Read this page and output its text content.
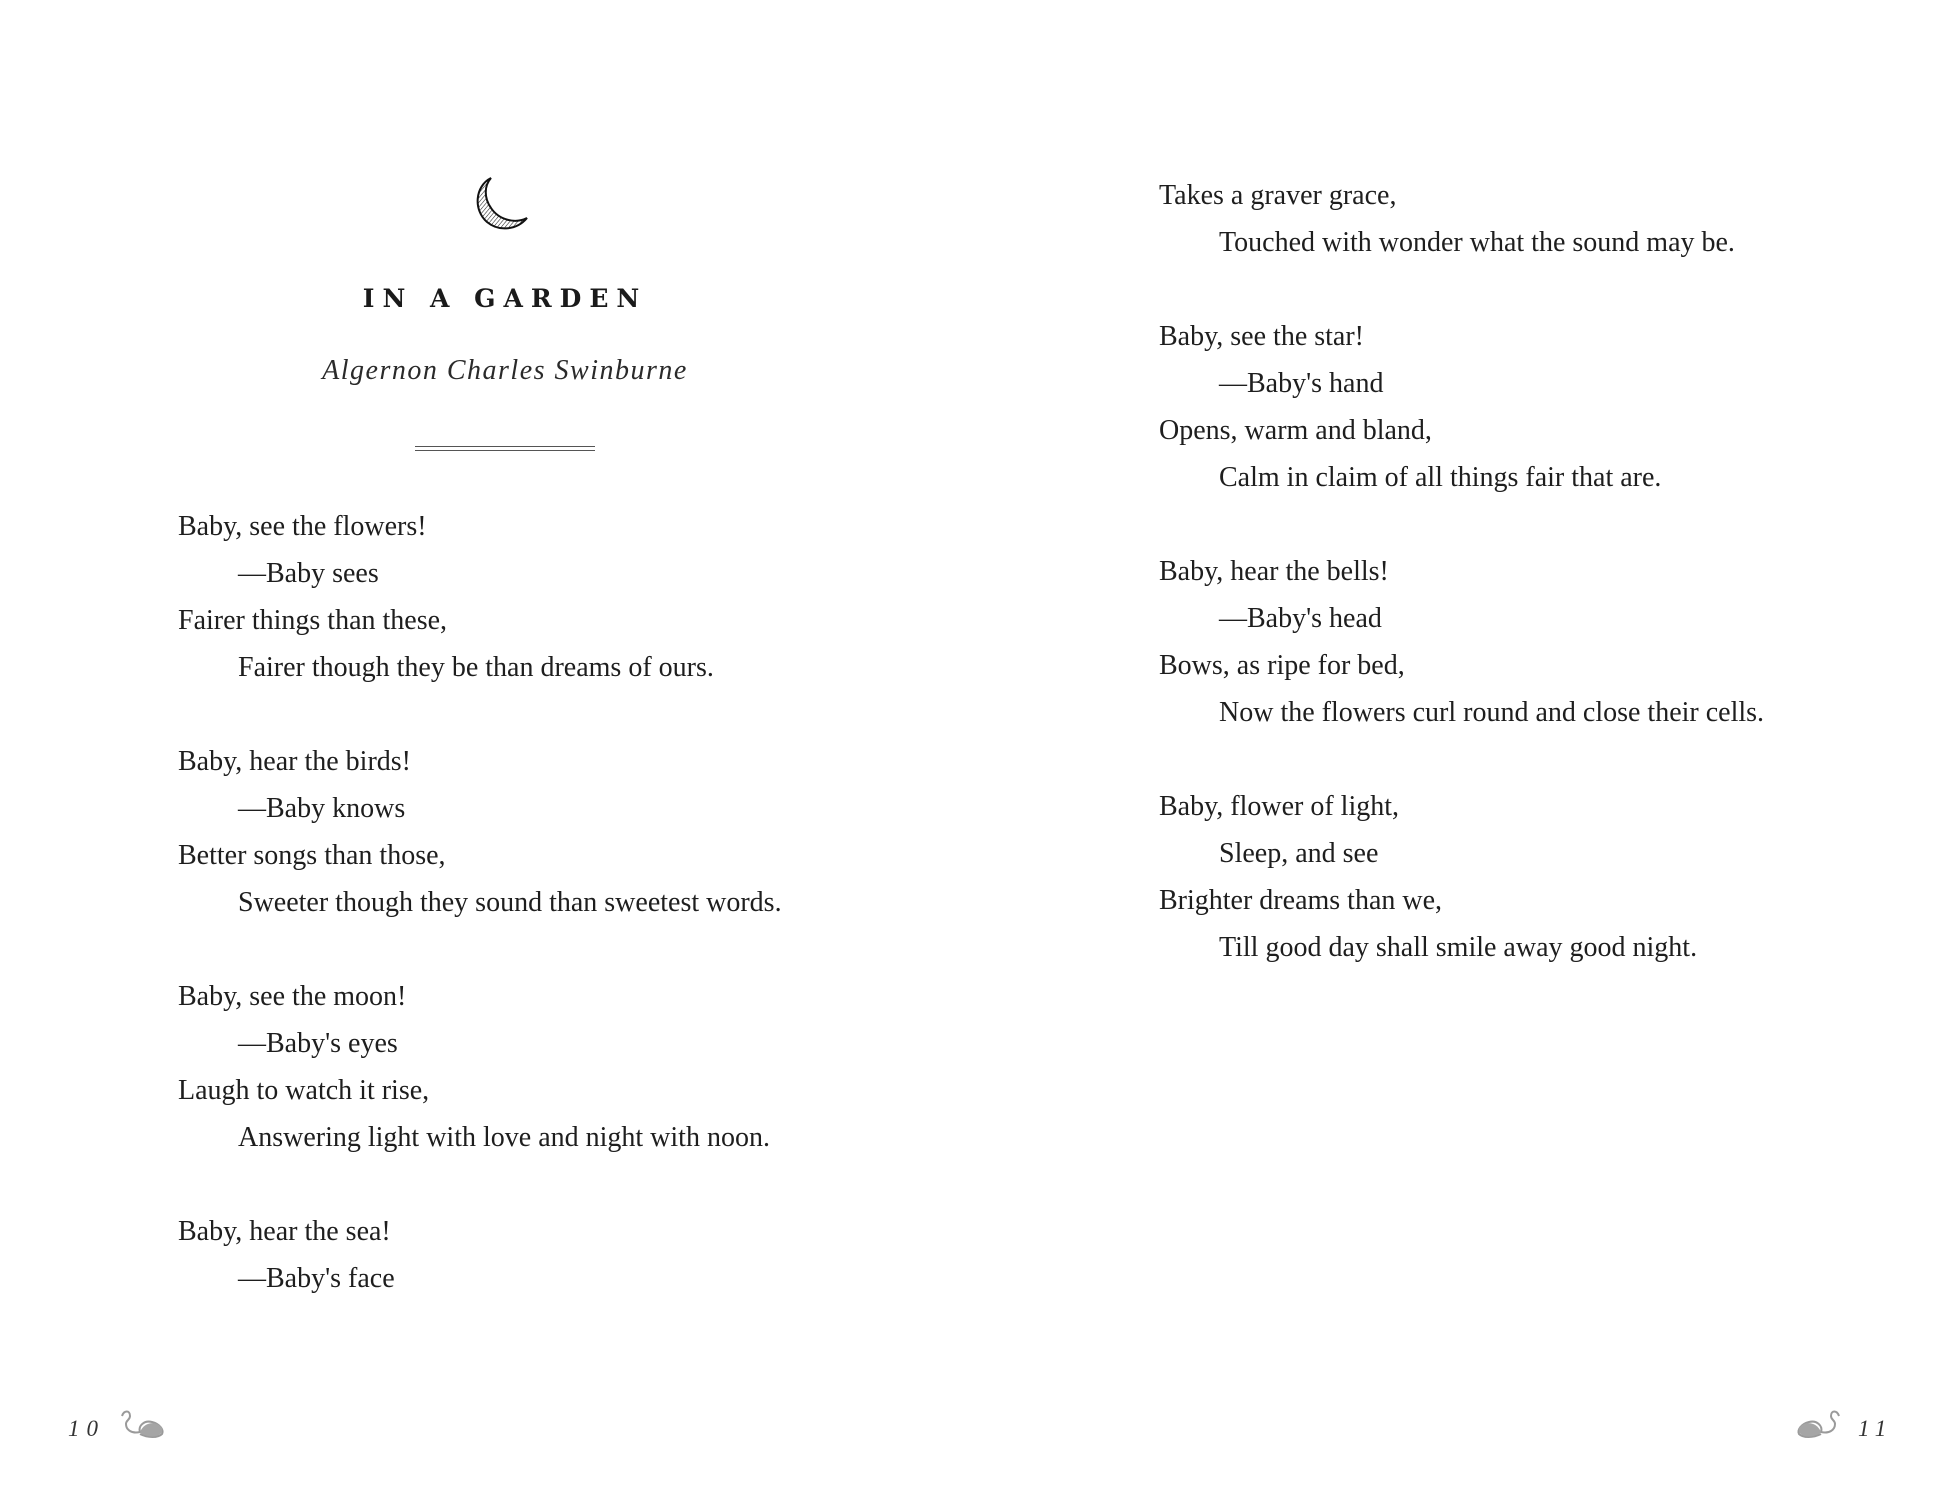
IN A GARDEN
Algernon Charles Swinburne
Baby, see the flowers!
—Baby sees
Fairer things than these,
Fairer though they be than dreams of ours.
Baby, hear the birds!
—Baby knows
Better songs than those,
Sweeter though they sound than sweetest words.
Baby, see the moon!
—Baby's eyes
Laugh to watch it rise,
Answering light with love and night with noon.
Baby, hear the sea!
—Baby's face
Takes a graver grace,
Touched with wonder what the sound may be.
Baby, see the star!
—Baby's hand
Opens, warm and bland,
Calm in claim of all things fair that are.
Baby, hear the bells!
—Baby's head
Bows, as ripe for bed,
Now the flowers curl round and close their cells.
Baby, flower of light,
Sleep, and see
Brighter dreams than we,
Till good day shall smile away good night.
10	11
